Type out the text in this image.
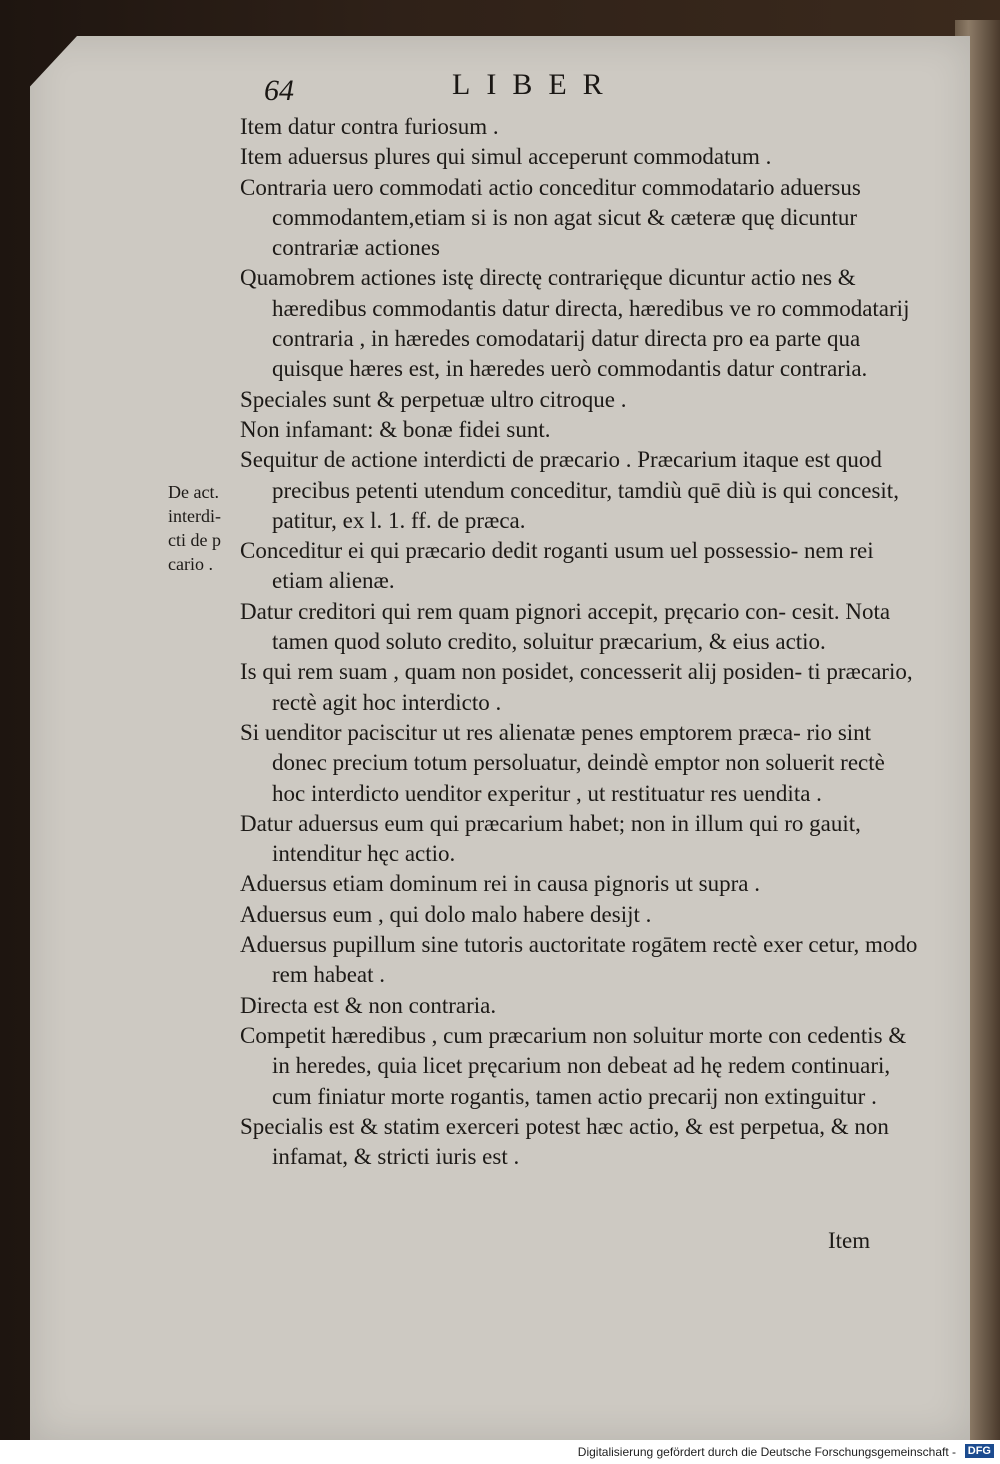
64	LIBER
De act.
interdi-
cti de p
cario .
Item datur contra furiosum .
Item aduersus plures qui simul acceperunt commodatum .
Contraria uero commodati actio conceditur commodatario aduersus commodantem,etiam si is non agat sicut & cæteræ quę dicuntur contrariæ actiones
Quamobrem actiones istę directę contrarięque dicuntur actio nes & hæredibus commodantis datur directa, hæredibus ve ro commodatarij contraria , in hæredes comodatarij datur directa pro ea parte qua quisque hæres est, in hæredes uerò commodantis datur contraria.
Speciales sunt & perpetuæ ultro citroque .
Non infamant: & bonæ fidei sunt.
Sequitur de actione interdicti de præcario . Præcarium itaque est quod precibus petenti utendum conceditur, tamdiù quē diù is qui concesit, patitur, ex l. 1. ff. de præca.
Conceditur ei qui præcario dedit roganti usum uel possessio- nem rei etiam alienæ.
Datur creditori qui rem quam pignori accepit, pręcario con- cesit. Nota tamen quod soluto credito, soluitur præcarium, & eius actio.
Is qui rem suam , quam non posidet, concesserit alij posiden- ti præcario, rectè agit hoc interdicto .
Si uenditor paciscitur ut res alienatæ penes emptorem præca- rio sint donec precium totum persoluatur, deindè emptor non soluerit rectè hoc interdicto uenditor experitur , ut restituatur res uendita .
Datur aduersus eum qui præcarium habet; non in illum qui ro gauit, intenditur hęc actio.
Aduersus etiam dominum rei in causa pignoris ut supra .
Aduersus eum , qui dolo malo habere desijt .
Aduersus pupillum sine tutoris auctoritate rogātem rectè exer cetur, modo rem habeat .
Directa est & non contraria.
Competit hæredibus , cum præcarium non soluitur morte con cedentis & in heredes, quia licet pręcarium non debeat ad hę redem continuari, cum finiatur morte rogantis, tamen actio precarij non extinguitur .
Specialis est & statim exerceri potest hæc actio, & est perpetua, & non infamat, & stricti iuris est .
Item
Digitalisierung gefördert durch die Deutsche Forschungsgemeinschaft - DFG
